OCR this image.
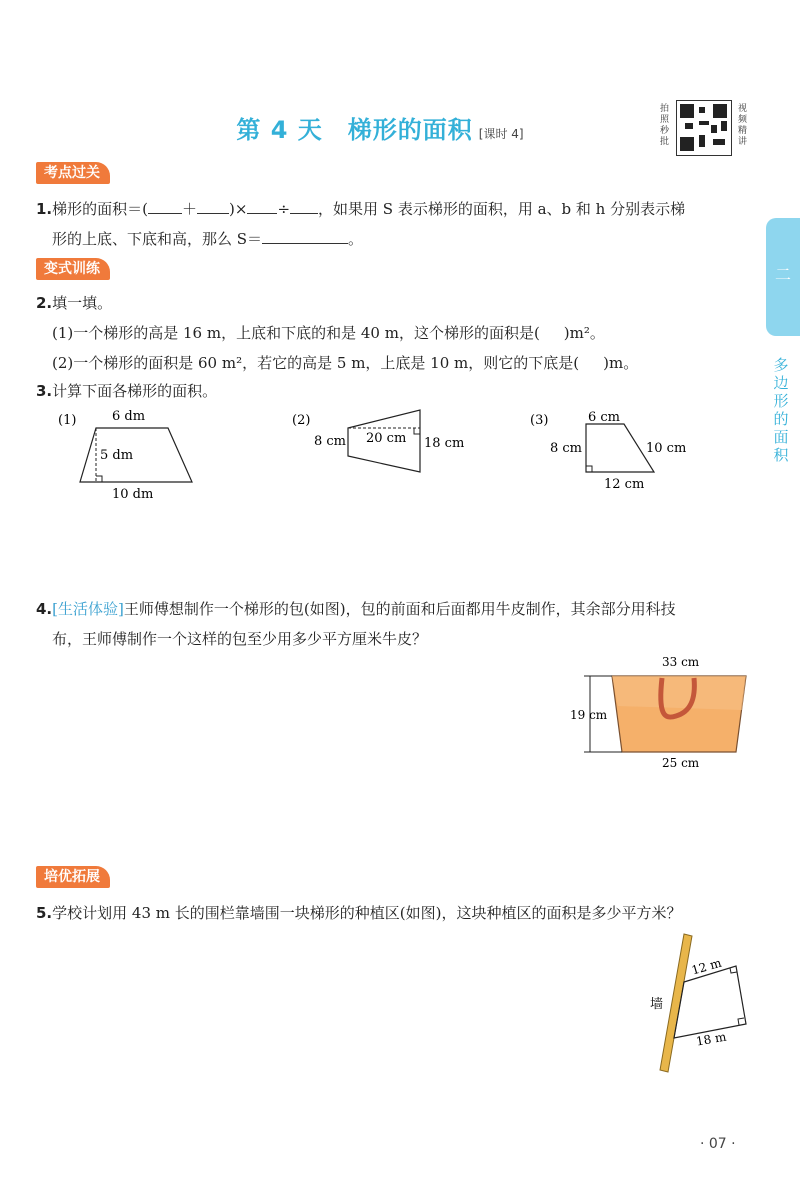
第 4 天　梯形的面积 [课时 4]
拍
照
秒
批
视
频
精
讲
考点过关
1.梯形的面积＝( ＋ )× ÷ ，如果用 S 表示梯形的面积，用 a、b 和 h 分别表示梯
形的上底、下底和高，那么 S＝	。
变式训练
2.填一填。
(1)一个梯形的高是 16 m，上底和下底的和是 40 m，这个梯形的面积是( )m²。
(2)一个梯形的面积是 60 m²，若它的高是 5 m，上底是 10 m，则它的下底是( )m。
3.计算下面各梯形的面积。
(1)	6 dm
5 dm
10 dm
(2)
8 cm 20 cm 18 cm
(3)	6 cm
8 cm	10 cm
12 cm
4.[生活体验]王师傅想制作一个梯形的包(如图)，包的前面和后面都用牛皮制作，其余部分用科技
布，王师傅制作一个这样的包至少用多少平方厘米牛皮？
33 cm
19 cm
25 cm
培优拓展
5.学校计划用 43 m 长的围栏靠墙围一块梯形的种植区(如图)，这块种植区的面积是多少平方米？
墙
12 m
18 m
二
多
边
形
的
面
积
· 07 ·
